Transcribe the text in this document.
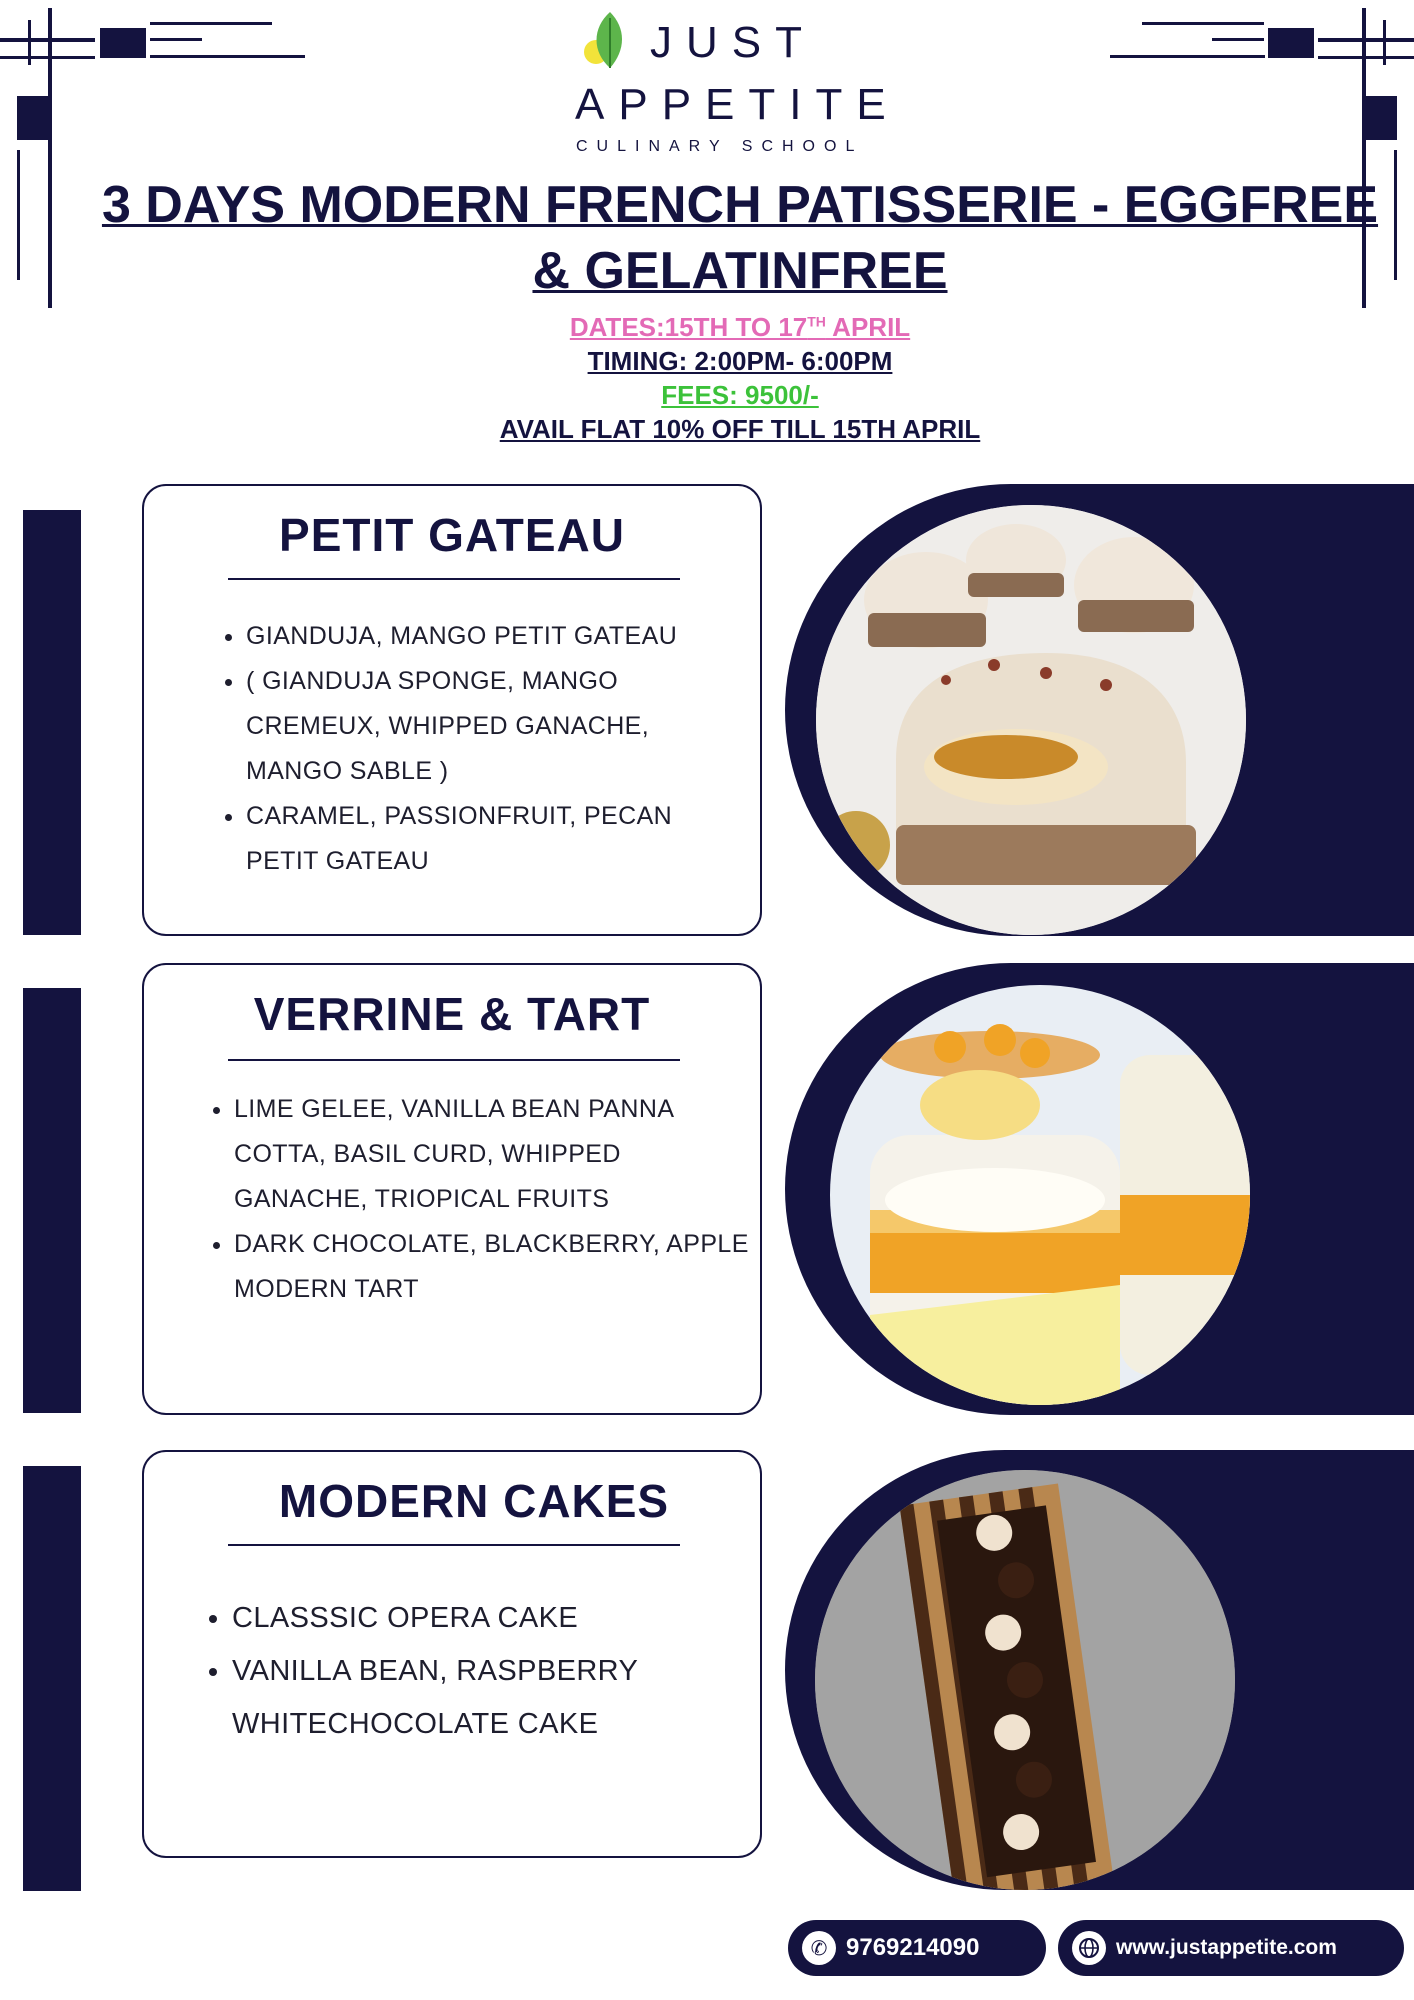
JUST
APPETITE
CULINARY SCHOOL
3 DAYS MODERN FRENCH PATISSERIE - EGGFREE
& GELATINFREE
DATES:15TH TO 17TH APRIL
TIMING: 2:00PM- 6:00PM
FEES: 9500/-
AVAIL FLAT 10% OFF TILL 15TH APRIL
PETIT GATEAU
• GIANDUJA, MANGO PETIT GATEAU
• ( GIANDUJA SPONGE, MANGO CREMEUX, WHIPPED GANACHE, MANGO SABLE )
• CARAMEL, PASSIONFRUIT, PECAN PETIT GATEAU
VERRINE & TART
• LIME GELEE, VANILLA BEAN PANNA COTTA, BASIL CURD, WHIPPED GANACHE, TRIOPICAL FRUITS
• DARK CHOCOLATE, BLACKBERRY, APPLE MODERN TART
MODERN CAKES
• CLASSSIC OPERA CAKE
• VANILLA BEAN, RASPBERRY WHITECHOCOLATE CAKE
✆ 9769214090	www.justappetite.com
